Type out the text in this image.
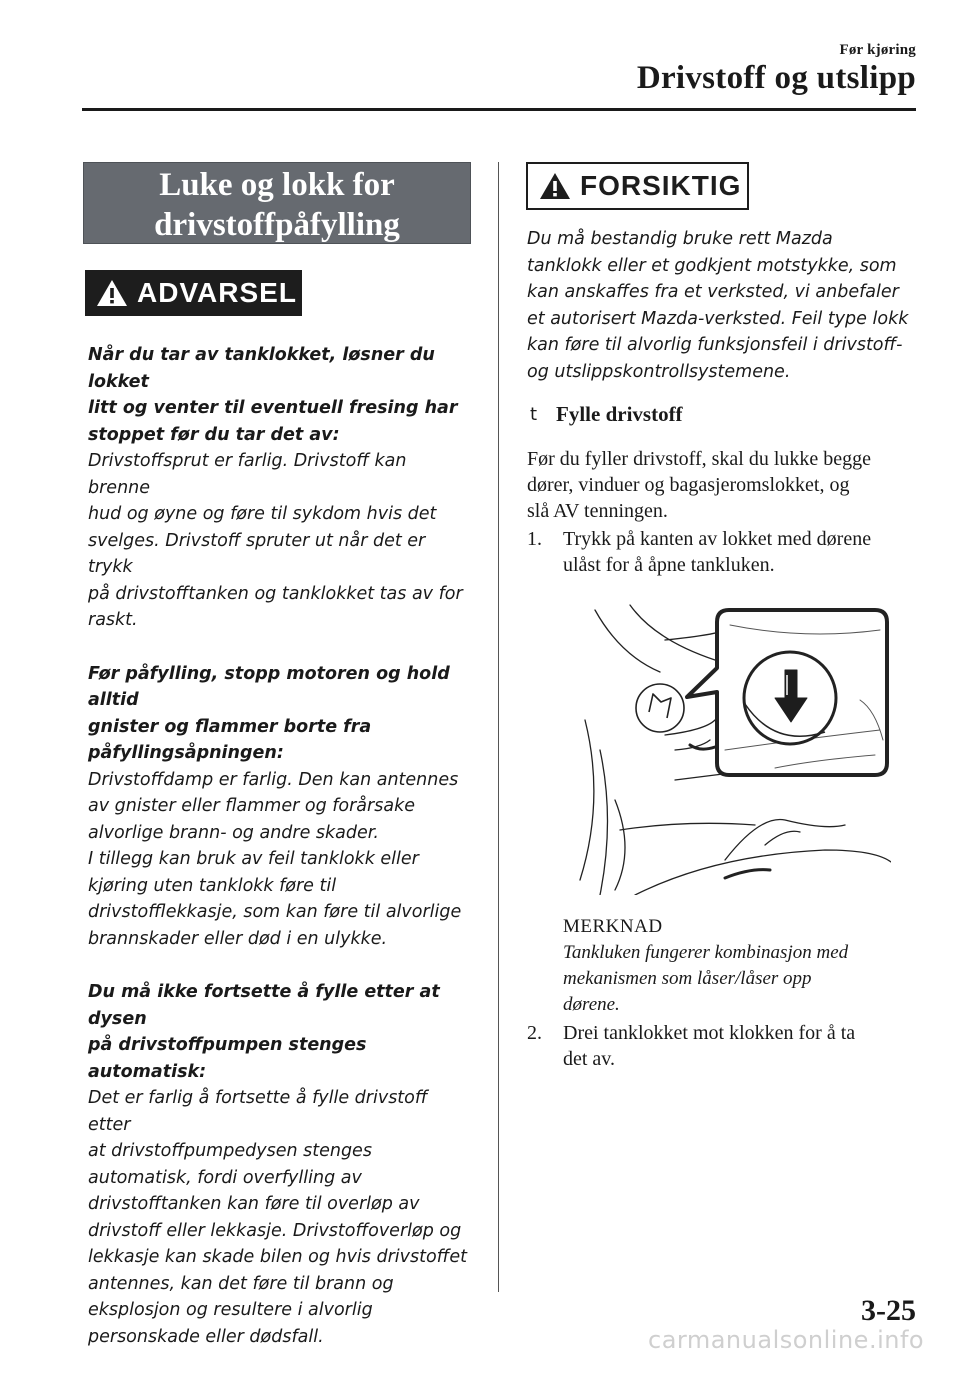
Før kjøring
Drivstoff og utslipp
Luke og lokk for
drivstoffpåfylling
ADVARSEL

Når du tar av tanklokket, løsner du lokket
litt og venter til eventuell fresing har
stoppet før du tar det av:
Drivstoffsprut er farlig. Drivstoff kan brenne
hud og øyne og føre til sykdom hvis det
svelges. Drivstoff spruter ut når det er trykk
på drivstofftanken og tanklokket tas av for
raskt.

Før påfylling, stopp motoren og hold alltid
gnister og flammer borte fra
påfyllingsåpningen:
Drivstoffdamp er farlig. Den kan antennes
av gnister eller flammer og forårsake
alvorlige brann- og andre skader.
I tillegg kan bruk av feil tanklokk eller
kjøring uten tanklokk føre til
drivstofflekkasje, som kan føre til alvorlige
brannskader eller død i en ulykke.

Du må ikke fortsette å fylle etter at dysen
på drivstoffpumpen stenges automatisk:
Det er farlig å fortsette å fylle drivstoff etter
at drivstoffpumpedysen stenges
automatisk, fordi overfylling av
drivstofftanken kan føre til overløp av
drivstoff eller lekkasje. Drivstoffoverløp og
lekkasje kan skade bilen og hvis drivstoffet
antennes, kan det føre til brann og
eksplosjon og resultere i alvorlig
personskade eller dødsfall.

FORSIKTIG
Du må bestandig bruke rett Mazda
tanklokk eller et godkjent motstykke, som
kan anskaffes fra et verksted, vi anbefaler
et autorisert Mazda-verksted. Feil type lokk
kan føre til alvorlig funksjonsfeil i drivstoff-
og utslippskontrollsystemene.
t Fylle drivstoff
Før du fyller drivstoff, skal du lukke begge
dører, vinduer og bagasjeromslokket, og
slå AV tenningen.
1. Trykk på kanten av lokket med dørene
ulåst for å åpne tankluken.
MERKNAD
Tankluken fungerer kombinasjon med
mekanismen som låser/låser opp
dørene.
2. Drei tanklokket mot klokken for å ta
det av.
3-25
carmanualsonline.info
